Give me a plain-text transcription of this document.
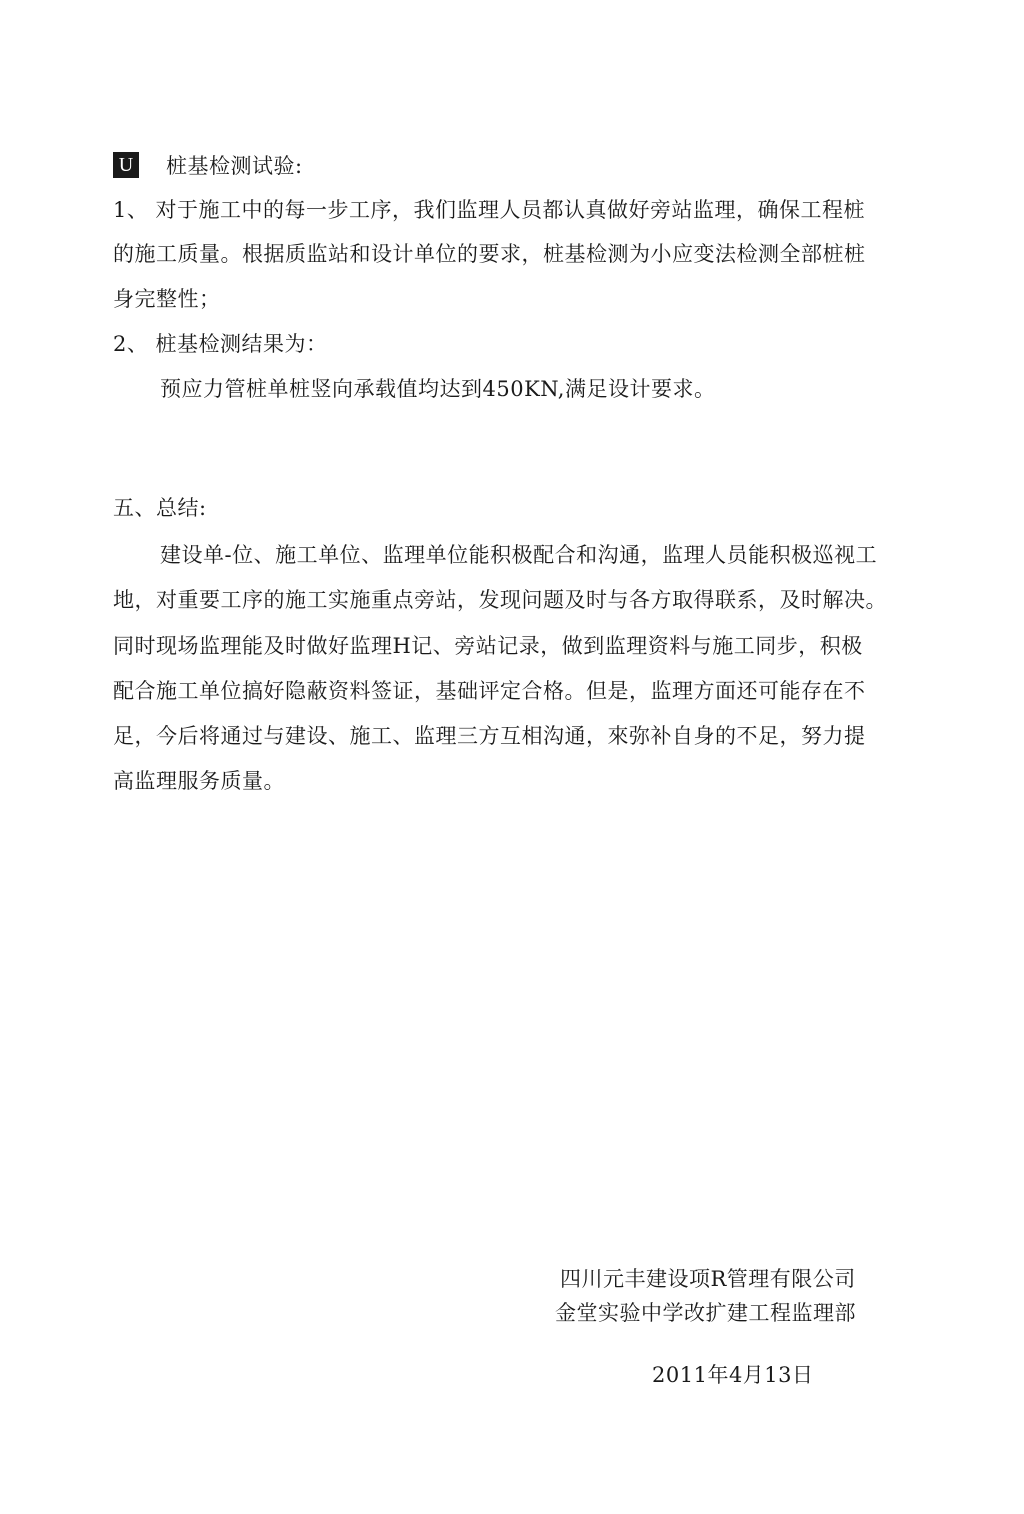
U 桩基检测试验:
1、 对于施工中的每一步工序，我们监理人员都认真做好旁站监理，确保工程桩
的施工质量。根据质监站和设计单位的要求，桩基检测为小应变法检测全部桩桩
身完整性；
2、 桩基检测结果为：
预应力管桩单桩竖向承载值均达到450KN,满足设计要求。
五、总结:
建设单-位、施工单位、监理单位能积极配合和沟通，监理人员能积极巡视工
地，对重要工序的施工实施重点旁站，发现问题及时与各方取得联系，及时解决。
同时现场监理能及时做好监理H记、旁站记录，做到监理资料与施工同步，积极
配合施工单位搞好隐蔽资料签证，基础评定合格。但是，监理方面还可能存在不
足，今后将通过与建设、施工、监理三方互相沟通，來弥补自身的不足，努力提
高监理服务质量。
四川元丰建设项R管理有限公司
金堂实验中学改扩建工程监理部
2011年4月13日
